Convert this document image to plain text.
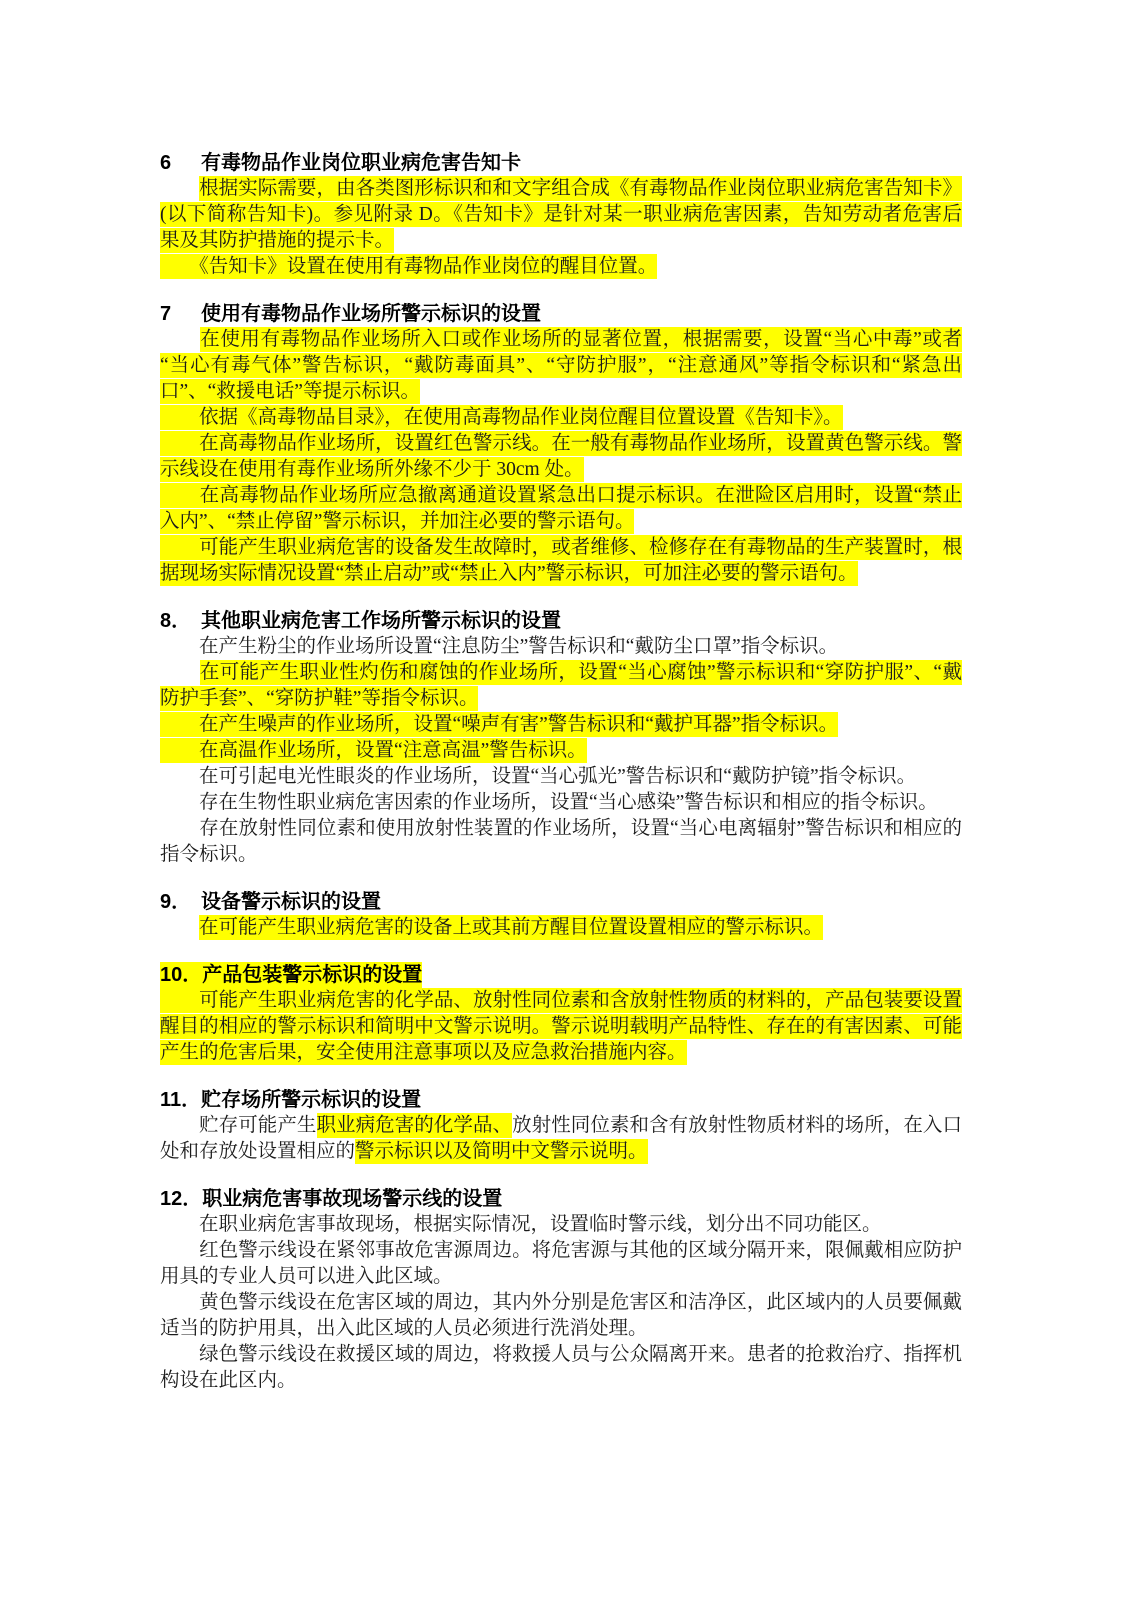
6 有毒物品作业岗位职业病危害告知卡

　　根据实际需要，由各类图形标识和和文字组合成《有毒物品作业岗位职业病危害告知卡》(以下简称告知卡)。参见附录 D。《告知卡》是针对某一职业病危害因素，告知劳动者危害后果及其防护措施的提示卡。

　　《告知卡》设置在使用有毒物品作业岗位的醒目位置。

7 使用有毒物品作业场所警示标识的设置

　　在使用有毒物品作业场所入口或作业场所的显著位置，根据需要，设置“当心中毒”或者“当心有毒气体”警告标识，“戴防毒面具”、“守防护服”，“注意通风”等指令标识和“紧急出口”、“救援电话”等提示标识。

　　依据《高毒物品目录》，在使用高毒物品作业岗位醒目位置设置《告知卡》。

　　在高毒物品作业场所，设置红色警示线。在一般有毒物品作业场所，设置黄色警示线。警示线设在使用有毒作业场所外缘不少于 30cm 处。

　　在高毒物品作业场所应急撤离通道设置紧急出口提示标识。在泄险区启用时，设置“禁止入内”、“禁止停留”警示标识，并加注必要的警示语句。

　　可能产生职业病危害的设备发生故障时，或者维修、检修存在有毒物品的生产装置时，根据现场实际情况设置“禁止启动”或“禁止入内”警示标识，可加注必要的警示语句。

8． 其他职业病危害工作场所警示标识的设置

　　在产生粉尘的作业场所设置“注息防尘”警告标识和“戴防尘口罩”指令标识。

　　在可能产生职业性灼伤和腐蚀的作业场所，设置“当心腐蚀”警示标识和“穿防护服”、“戴防护手套”、“穿防护鞋”等指令标识。

　　在产生噪声的作业场所，设置“噪声有害”警告标识和“戴护耳器”指令标识。

　　在高温作业场所，设置“注意高温”警告标识。

　　在可引起电光性眼炎的作业场所，设置“当心弧光”警告标识和“戴防护镜”指令标识。

　　存在生物性职业病危害因索的作业场所，设置“当心感染”警告标识和相应的指令标识。

　　存在放射性同位素和使用放射性装置的作业场所，设置“当心电离辐射”警告标识和相应的指令标识。

9． 设备警示标识的设置

　　在可能产生职业病危害的设备上或其前方醒目位置设置相应的警示标识。

10．产品包装警示标识的设置

　　可能产生职业病危害的化学品、放射性同位素和含放射性物质的材料的，产品包装要设置醒目的相应的警示标识和简明中文警示说明。警示说明载明产品特性、存在的有害因素、可能产生的危害后果，安全使用注意事项以及应急救治措施内容。

11．贮存场所警示标识的设置

　　贮存可能产生职业病危害的化学品、放射性同位素和含有放射性物质材料的场所，在入口处和存放处设置相应的警示标识以及简明中文警示说明。

12．职业病危害事故现场警示线的设置

　　在职业病危害事故现场，根据实际情况，设置临时警示线，划分出不同功能区。

　　红色警示线设在紧邻事故危害源周边。将危害源与其他的区域分隔开来，限佩戴相应防护用具的专业人员可以进入此区域。

　　黄色警示线设在危害区域的周边，其内外分别是危害区和洁净区，此区域内的人员要佩戴适当的防护用具，出入此区域的人员必须进行洗消处理。

　　绿色警示线设在救援区域的周边，将救援人员与公众隔离开来。患者的抢救治疗、指挥机构设在此区内。
